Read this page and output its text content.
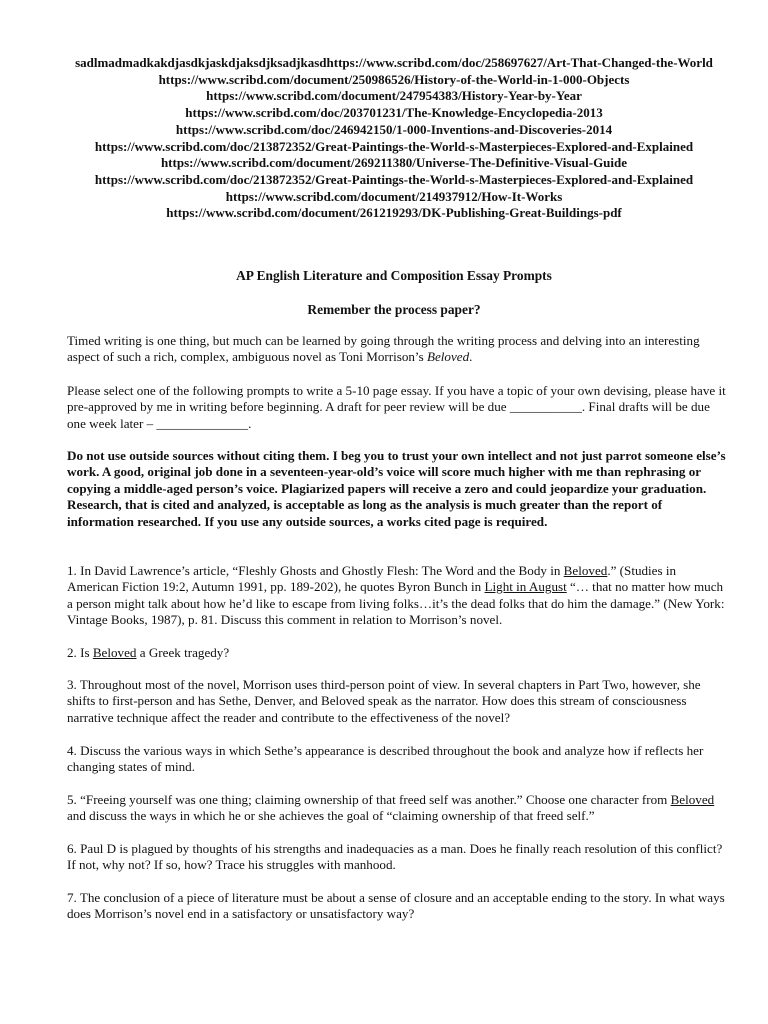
sadlmadmadkakdjasdkjaskdjaksdjksadjkasdhttps://www.scribd.com/doc/258697627/Art-That-Changed-the-World
https://www.scribd.com/document/250986526/History-of-the-World-in-1-000-Objects
https://www.scribd.com/document/247954383/History-Year-by-Year
https://www.scribd.com/doc/203701231/The-Knowledge-Encyclopedia-2013
https://www.scribd.com/doc/246942150/1-000-Inventions-and-Discoveries-2014
https://www.scribd.com/doc/213872352/Great-Paintings-the-World-s-Masterpieces-Explored-and-Explained
https://www.scribd.com/document/269211380/Universe-The-Definitive-Visual-Guide
https://www.scribd.com/doc/213872352/Great-Paintings-the-World-s-Masterpieces-Explored-and-Explained
https://www.scribd.com/document/214937912/How-It-Works
https://www.scribd.com/document/261219293/DK-Publishing-Great-Buildings-pdf
AP English Literature and Composition Essay Prompts
Remember the process paper?
Timed writing is one thing, but much can be learned by going through the writing process and delving into an interesting aspect of such a rich, complex, ambiguous novel as Toni Morrison’s Beloved.
Please select one of the following prompts to write a 5-10 page essay. If you have a topic of your own devising, please have it pre-approved by me in writing before beginning. A draft for peer review will be due ___________. Final drafts will be due one week later – ______________.
Do not use outside sources without citing them. I beg you to trust your own intellect and not just parrot someone else’s work. A good, original job done in a seventeen-year-old’s voice will score much higher with me than rephrasing or copying a middle-aged person’s voice. Plagiarized papers will receive a zero and could jeopardize your graduation. Research, that is cited and analyzed, is acceptable as long as the analysis is much greater than the report of information researched. If you use any outside sources, a works cited page is required.
1. In David Lawrence’s article, “Fleshly Ghosts and Ghostly Flesh: The Word and the Body in Beloved.” (Studies in American Fiction 19:2, Autumn 1991, pp. 189-202), he quotes Byron Bunch in Light in August “… that no matter how much a person might talk about how he’d like to escape from living folks…it’s the dead folks that do him the damage.” (New York: Vintage Books, 1987), p. 81. Discuss this comment in relation to Morrison’s novel.
2. Is Beloved a Greek tragedy?
3. Throughout most of the novel, Morrison uses third-person point of view. In several chapters in Part Two, however, she shifts to first-person and has Sethe, Denver, and Beloved speak as the narrator. How does this stream of consciousness narrative technique affect the reader and contribute to the effectiveness of the novel?
4. Discuss the various ways in which Sethe’s appearance is described throughout the book and analyze how if reflects her changing states of mind.
5. “Freeing yourself was one thing; claiming ownership of that freed self was another.” Choose one character from Beloved and discuss the ways in which he or she achieves the goal of “claiming ownership of that freed self.”
6. Paul D is plagued by thoughts of his strengths and inadequacies as a man. Does he finally reach resolution of this conflict? If not, why not? If so, how? Trace his struggles with manhood.
7. The conclusion of a piece of literature must be about a sense of closure and an acceptable ending to the story. In what ways does Morrison’s novel end in a satisfactory or unsatisfactory way?
